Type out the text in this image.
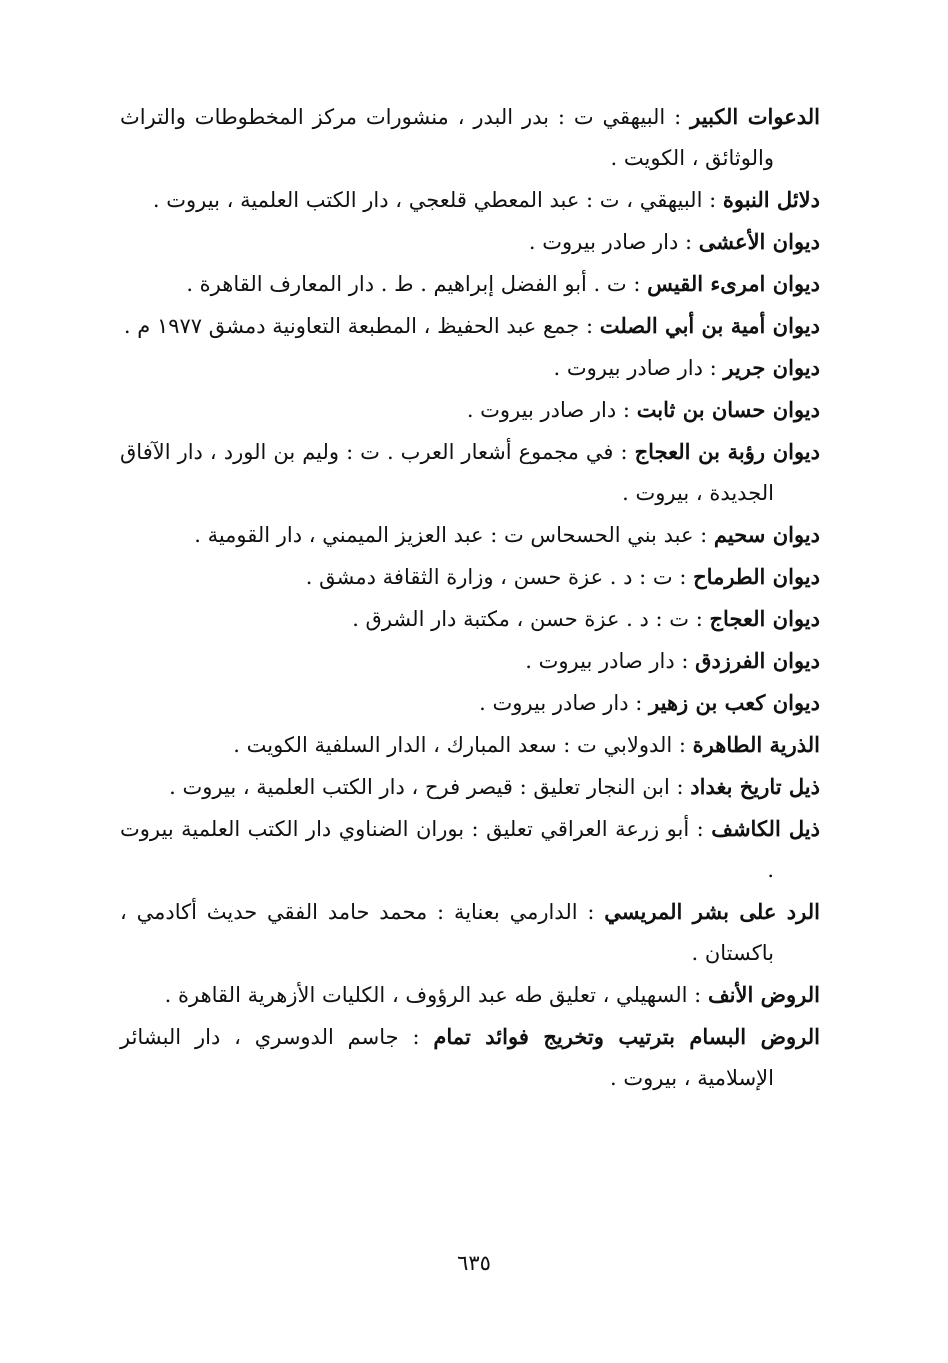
الدعوات الكبير : البيهقي ت : بدر البدر ، منشورات مركز المخطوطات والتراث والوثائق ، الكويت .

دلائل النبوة : البيهقي ، ت : عبد المعطي قلعجي ، دار الكتب العلمية ، بيروت .

ديوان الأعشى : دار صادر بيروت .

ديوان امرىء القيس : ت . أبو الفضل إبراهيم . ط . دار المعارف القاهرة .

ديوان أمية بن أبي الصلت : جمع عبد الحفيظ ، المطبعة التعاونية دمشق ١٩٧٧ م .

ديوان جرير : دار صادر بيروت .

ديوان حسان بن ثابت : دار صادر بيروت .

ديوان رؤبة بن العجاج : في مجموع أشعار العرب . ت : وليم بن الورد ، دار الآفاق الجديدة ، بيروت .

ديوان سحيم : عبد بني الحسحاس ت : عبد العزيز الميمني ، دار القومية .

ديوان الطرماح : ت : د . عزة حسن ، وزارة الثقافة دمشق .

ديوان العجاج : ت : د . عزة حسن ، مكتبة دار الشرق .

ديوان الفرزدق : دار صادر بيروت .

ديوان كعب بن زهير : دار صادر بيروت .

الذرية الطاهرة : الدولابي ت : سعد المبارك ، الدار السلفية الكويت .

ذيل تاريخ بغداد : ابن النجار تعليق : قيصر فرح ، دار الكتب العلمية ، بيروت .

ذيل الكاشف : أبو زرعة العراقي تعليق : بوران الضناوي دار الكتب العلمية بيروت .

الرد على بشر المريسي : الدارمي بعناية : محمد حامد الفقي حديث أكادمي ، باكستان .

الروض الأنف : السهيلي ، تعليق طه عبد الرؤوف ، الكليات الأزهرية القاهرة .

الروض البسام بترتيب وتخريج فوائد تمام : جاسم الدوسري ، دار البشائر الإسلامية ، بيروت .

٦٣٥
